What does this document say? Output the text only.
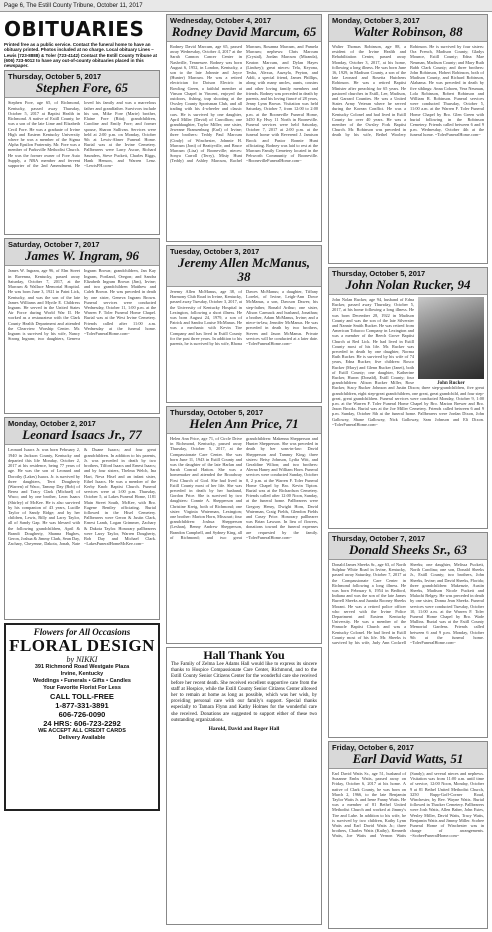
Page 6, The Estill County Tribune, October 11, 2017
OBITUARIES
Printed free as a public service. Contact the funeral home to have an obituary printed. Photos included at no charge. Local obituary Lines – Lewis (723-8888) & Toler (723-4142) Contact the Estill County Tribune at (606) 723-5012 to have any out-of-county obituaries placed in this newspaper.
Thursday, October 5, 2017
Stephen Fore, 65
Stephen Fore, age 65, of Richmond, Kentucky, passed away Thursday, October 5, 2017 at Baptist Health in Richmond. A native of Estill County, he was a son of the late Lime and Elizabeth Cecil Fore. He was a graduate of Irvine High and Eastern Kentucky University where he was a member of the Sigma Alpha Epsilon Fraternity. Mr. Fore was a member of Parksville Methodist Church. He was the former owner of Fore Auto Supply, a NBA member and fervent supporter of the 2nd Amendment. He loved his family and was a marvelous father and grandfather. Survivors include his son, Mike Fore (Marie) brother, Elaine Fore (Rita); grandchildren, Caroline and Emily Fore; and former spouse, Sharon Sullivan. Services were held at 2:00 p.m. on Monday, October 9th at Lewis-Abner Funeral Home. Burial was at the Irvine Cemetery. Pallbearers were Larry Ascue, Richard Saunders, Steve Puckett, Charles Riggs, Hank Henson, and Warren Lenz. ~LewisFH.com~
Saturday, October 7, 2017
James W. Ingram, 96
James W. Ingram, age 96, of Elm Street in Ravenna, Kentucky, passed away Saturday, October 7, 2017, at the Marcum & Wallace Memorial Hospital. He was born June 3, 1921 in Paint Lick, Kentucky, and was the son of the late James Williams and Myrtle E. Childress Ingram. He served in the United States Air Force during World War II. He worked as a restaurateur with the Clark County Health Department and attended the Clearview Worship Center. Mr. Ingram is survived by his wife, Nancy Strong Ingram; two daughters, Geneva Ingram Brown; grandchildren, Jan Kay Ingram, Portland, Oregon; and Sandra Elizabeth Ingram Brown (Jim), Irvine; and two grandchildren Matthew and Caleb Brown. He was preceded in death by one sister, Geneva Ingram Brown. Funeral services were conducted Wednesday, October 11, 1:00 p.m. at the Warren F. Toler Funeral Home Chapel. Burial was at the West Irvine Cemetery. Friends called after 11:00 a.m. Wednesday at the funeral home. ~TolerFuneralHome.com~
Monday, October 2, 2017
Leonard Isaacs Jr., 77
Leonard Isaacs Jr. was born February 2, 1940 in Jackson County, Kentucky and departed this life Monday, October 2, 2017 at his residence, being 77 years of age. He was the son of Leonard and Dorothy (Lakes) Isaacs. Jr. is survived by three daughters, Terri Dougherty (Warren) of Waco, Tammy Day (Bob) of Berea and Tracy Clark (Michael) of Waco; and by one brother, Leon Isaacs (Shirley) of McKee. He is also survived by his companion of 43 years, Lucille Taylor of Sandy Ridge; and by her children, Lewis, Billy and Larry Taylor, all of Sandy Gap. He was blessed with the following grandchildren, April & Brandi Dougherty, Shanna Hughes, Geron, Joshua & Jimmy Clark, Sean Day, Zachary, Cheyenne, Dakota, Jonah, Nate & Duane Isaacs; and four great grandchildren. In addition to his parents, Jr. was preceded in death by two brothers, Tilford Isaacs and Ernest Isaacs; and by four sisters, Thelma Welch, Ina Hart, Neva Hisel and an infant sister, Ethel Isaacs. He was a member of the Kerby Knob Baptist Church. Funeral services were at 1:00 p.m. Thursday, October 5, at Lakes Funeral Home, 1181 Main Street South, McKee, with Bro. Eugene Bentley officiating. Burial followed in the Hisel Cemetery. Pallbearers were Geron & Justin Clark, Ernest Lamb, Logan Grimmer, Zachary & Dakota Taylor. Honorary pallbearers were Larry Taylor, Warren Dougherty, Bob Day and Michael Clark. ~LakesFuneralHomeMcKee.com~
Flowers for All Occasions
FLORAL DESIGN
by NIKKI
391 Richmond Road Westgate Plaza
Irvine, Kentucky
Weddings • Funerals • Gifts • Candles
Your Favorite Florist For Less
CALL TOLL-FREE
1-877-331-3891
606-726-0090
24 HRS: 606-723-2292
WE ACCEPT ALL CREDIT CARDS
Delivery Available
Wednesday, October 4, 2017
Rodney David Marcum, 65
Rodney David Marcum, age 65, passed away Wednesday, October 4, 2017 at the Sarah Cannon Cancer Center in Nashville, Tennessee. Rodney was born August 6, 1952, in London, Kentucky, a son to the late Johnnie and Joyce (Hunter) Marcum. He was a retired electrician for Dotson Electric in Bowling Green, a faithful member at Vinson Chapel in Vincent, enjoyed the outdoors, fishing, trap shooting at the Owsley County Sportsman Club, and all trading with his 4-wheeler and classic cars. He is survived by one daughter, April Miller (David) of Carrollton; one granddaughter, Taylor Miller; one sister, Jeweane Bransenburg (Earl) of Irvine; three brothers: Teddy Paul Marcum (Cindy) of Winchester, Johnnie H. Marcum (Joni) of Beattyville, and Bruce Marcum (Lisa) of Booneville; nieces: Sonya Carroll (Terry), Misty Hunt (Teddy) and Ashley Marcum, Rachel Marcum, Rosanna Marcum, and Pamela Marcum; nephews: Chris Marcum (Crystal), Jordan Marcum (Miranda), Keaton Marcum, and Dylan Hayes (Lindsey); great nieces: Tela, Keyona, Tesha, Alexus, Auzsyla, Peyton, and Addi, a special friend, James Phillips, along with many uncles, aunts, cousins and other loving family members and friends. Rodney was preceded in death by parents, and his loving fiancé of 28 years, Jenny Lynn Brown. Visitation was held Saturday, October 7, from 12:00 to 2:00 p.m. at the Booneville Funeral Home, 3450 Ky Hwy 11 North in Booneville. Funeral services were held Saturday, October 7, 2017 at 2:00 p.m. at the funeral home with Reverend J. Jamison Brock and Pastor Ronnie Hunt officiating. Rodney was laid to rest at the Marcum Family Cemetery located in the Pebworth Community of Booneville. ~BoonevilleFuneralHome.com~
Tuesday, October 3, 2017
Jeremy Allen McManus, 38
Jeremy Allen McManus, age 38, of Harmony Club Road in Irvine, Kentucky, passed away Tuesday, October 3, 2017, at the University of Kentucky Hospital in Lexington, following a short illness. He was born August 24, 1979, a son of Patrick and Sandra Louise McManus. He was a mechanic with Kevin Tire Company and has lived in Estill County for the past three years. In addition to his parents, he is survived by his wife, Rhona Dawes McManus; a daughter, Tiffany Lorelei, of Irvine, Leigh-Ann Dowe McManus, a son, Dawson Dawes; his step-father, Ronald Arthur; one sister, Alison Carmack and husband, Jonathan; a brother, Adam McManus, Irvine; and a niece-in-law, Jennifer McManus. He was preceded in death by two brothers, Steven and Jason McManus. Private services will be conducted at a later date. ~TolerFuneralHome.com~
Thursday, October 5, 2017
Helen Ann Price, 71
Helen Ann Price, age 71, of Circle Drive in Richmond, Kentucky, passed away Thursday, October 5, 2017, at the Compassionate Care Center. She was born June 11, 1943 in Estill County and was the daughter of the late Harlan and Sarah Conrad Hatton. She was a homemaker and attended the Broadway First Church of God. She had lived in Estill County most of her life. She was preceded in death by her husband, Gordon Price. She is survived by two daughters: Connie A. Shepperson and Christine Kreig, both of Richmond; one sister: Virginia Waterman, Lexington; one brother: Marion Horn, Missouri; four grandchildren: Joshua Shepperson (Leshan), Benny Andrew Shepperson, Brandon Campbell, and Sydney King, all of Richmond; and two great grandchildren: Makenna Shepperson and Hunter Shepperson. She was preceded in death by her sons-in-law: David Shepperson and Tammy King; three sisters: Betsy Johnson, Lydia Witt, and Geraldine Wilton; and two brothers: Alerna Haney and William Horn. Funeral services were conducted Sunday, October 8, 2 p.m. at the Warren F. Toler Funeral Home Chapel by Bro. Kevin Tipton. Burial was at the Richardson Cemetery. Friends called after 12:00 Noon, Sunday, at the funeral home. Pallbearers were Gregory Henry, Dwight Horn, David Waterman, Craig Fields, Glendon Fields and Casey Price. Honorary pallbearer was Brian Lawson. In lieu of flowers, donations toward the funeral expenses are requested by the family. ~TolerFuneralHome.com~
Hall Thank You
The Family of Zelma Lee Adams Hall would like to express its sincere thanks to Hospice Compassionate Care Center, Richmond, and to the Estill County Senior Citizens Center for the wonderful care she received before her recent death. She received excellent supportive care from the staff at Hospice, while the Estill County Senior Citizens Center allowed her to remain at home as long as possible, which was her wish, by providing personal care with our family's support. Special thanks especially to Tamara Flynn and Kathy Holmes for the wonderful care she received. Donations are suggested to support either of these two outstanding organizations.
Harold, David and Roger Hall
Monday, October 3, 2017
Walter Robinson, 88
Walter Thomas Robinson, age 88, a resident of the Irvine Health and Rehabilitation Center, passed away Monday, October 3, 2017, at his home, following a long illness. He was born June 16, 1929, in Madison County, a son of the late Leonard and Rosetta Hutchens Robinson. He was a retired Baptist Minister after preaching for 65 years. He pastored churches in Estill, Lee, Madison, and Garrard Counties. He was a United States Army Veteran where he served during the Korean Conflict. He was a Kentucky Colonel and had lived in Estill County for over 40 years. He was a member of the Owsley Fork Baptist Church. Mr. Robinson was preceded in death by his wife, Bethel Woolery Robinson. He is survived by four sisters: Ora French, Madison County; Gladys Mounce, Estill County; Edna Mae Neuman, Madison County; and Mary Ruth Babb Clark County; and three brothers: John Robinson, Hobert Robinson, both of Madison County, and Richard Robinson, Alabama. He was preceded in death by five siblings: Anna Cohoen, Vera Neuman, Lola Robinson, Robert Robinson and William R. Robinson. Funeral services were conducted Thursday, October 5, 11:00 a.m. at the Warren F. Toler Funeral Home Chapel by Bro. Glen Green with burial following in the Robinson Cemetery. Friends called between 6 and 9 p.m. Wednesday, October 4th at the funeral home. ~TolerFuneralHome.com~
Thursday, October 5, 2017
John Nolan Rucker, 94
John Rucker
John Nolan Rucker, age 94, husband of Edna Rucker, passed away Thursday, October 5, 2017, at his home following a long illness. He was born December 28, 1922 in Madison County and was the son of the late Silverster and Nannie Smith Rucker. He was retired from American Tobacco Company in Lexington and was a member of the Beech Grove Baptist Church at Red Lick. He had lived in Estill County most of his life. Mr. Rucker was preceded in death by one daughter, Norma Ruth Rucker. He is survived by his wife of 74 years, Edna Rucker; five children: Rosco Rucker (Mary) and Glenn Rucker (Janet), both of Estill County; one daughter, Katherine Rucker, Huron (Donald), Estill County; four grandchildren: Alison Rucker Miller, Rose Rucker, Stacy Rucker Johnson and Justin Dixon; three step-grandchildren, five great grandchildren, eight step-great grandchildren, one great, great grandchild, and four step-great, great grandchildren. Funeral services were conducted Monday, October 9, 1:00 p.m. at the Warren F. Toler Funeral Home Chapel by Bro. Marion Brewer and Bro. Jason Brooks. Burial was at the Joe Miller Cemetery. Friends called between 6 and 9 p.m. Sunday, October 8th at the funeral home. Pallbearers were Jordan Dixon, John Galloway, Shane Galloway, Nick Galloway, Sam Johnson and Eli Dixon. ~TolerFuneralHome.com~
Thursday, October 7, 2017
Donald Sheeks Sr., 63
Donald James Sheeks Sr., age 63, of North Sulphur White Road in Irvine, Kentucky, passed away Saturday, October 7, 2017 at the Compassionate Care Center in Richmond following a long illness. He was born February 6, 1954 in Bedford, Indiana and was the son of the late James Burrell Sheeks and Juanita Rooney Sheeks Morant. He was a retired police officer who served with the Irvine Police Department and Eastern Kentucky University. He was a member of the Pinnacle Baptist Church and was a Kentucky Colonel. He had lived in Estill County most of his life. Mr. Sheeks is survived by his wife, Judy Ann Cockrell Sheeks; one daughter, Melissa Puckett, North Carolina; one son, Donald Sheeks Jr., Estill County; two brothers, John Sheeks, Irvine; and David Sheeks, Florida; three grandchildren: Makenzie, Austin Sheeks, Madison Nicole Puckett and Malachi Belgey. He was preceded in death by one sister, Donna Jean Sheeks. Funeral services were conducted Tuesday, October 10, 11:00 a.m. at the Warren F. Toler Funeral Home Chapel by Bro. Wade Mullins. Burial was at the Estill County Memorial Gardens. Friends called between 6 and 9 p.m. Monday, October 9th at the funeral home. ~TolerFuneralHome.com~
Friday, October 6, 2017
Earl David Watts, 51
Earl David Watts Sr., age 51, husband of Suzanne Embs Watts, passed away on Friday, October 6, 2017 at his home. A native of Clark County, he was born on March 2, 1966, to the late Benjamin Taylor Watts Jr. and Irene Fanny Watts. He was a member of 81 Bethel United Methodist Church and worked at Jimmy's Tire and Lube. In addition to his wife, he is survived by two children, Kathy Lynn Watts and Earl David Watts Jr.; three brothers, Charles Watts (Kathy), Kenneth Watts, Joe Watts and Vernon Watts (Sandy); and several nieces and nephews. Visitation was from 11:00 a.m. until time of service, 12:00 Noon, Monday, October 9 at 81 Bethel United Methodist Church, 3250 Rupp-Goff-Corner Road, Winchester, by Rev. Wayne Watts. Burial followed in Thacker Cemetery. Pallbearers were Josh Watts, Allen Baber, John Estes, Wesley Miller, David Watts, Tracy Watts, Benjamin Watts and Jimmy Miller. Scobee Funeral Home of Winchester was in charge of arrangements. ~ScobeeFuneralHome.com~
